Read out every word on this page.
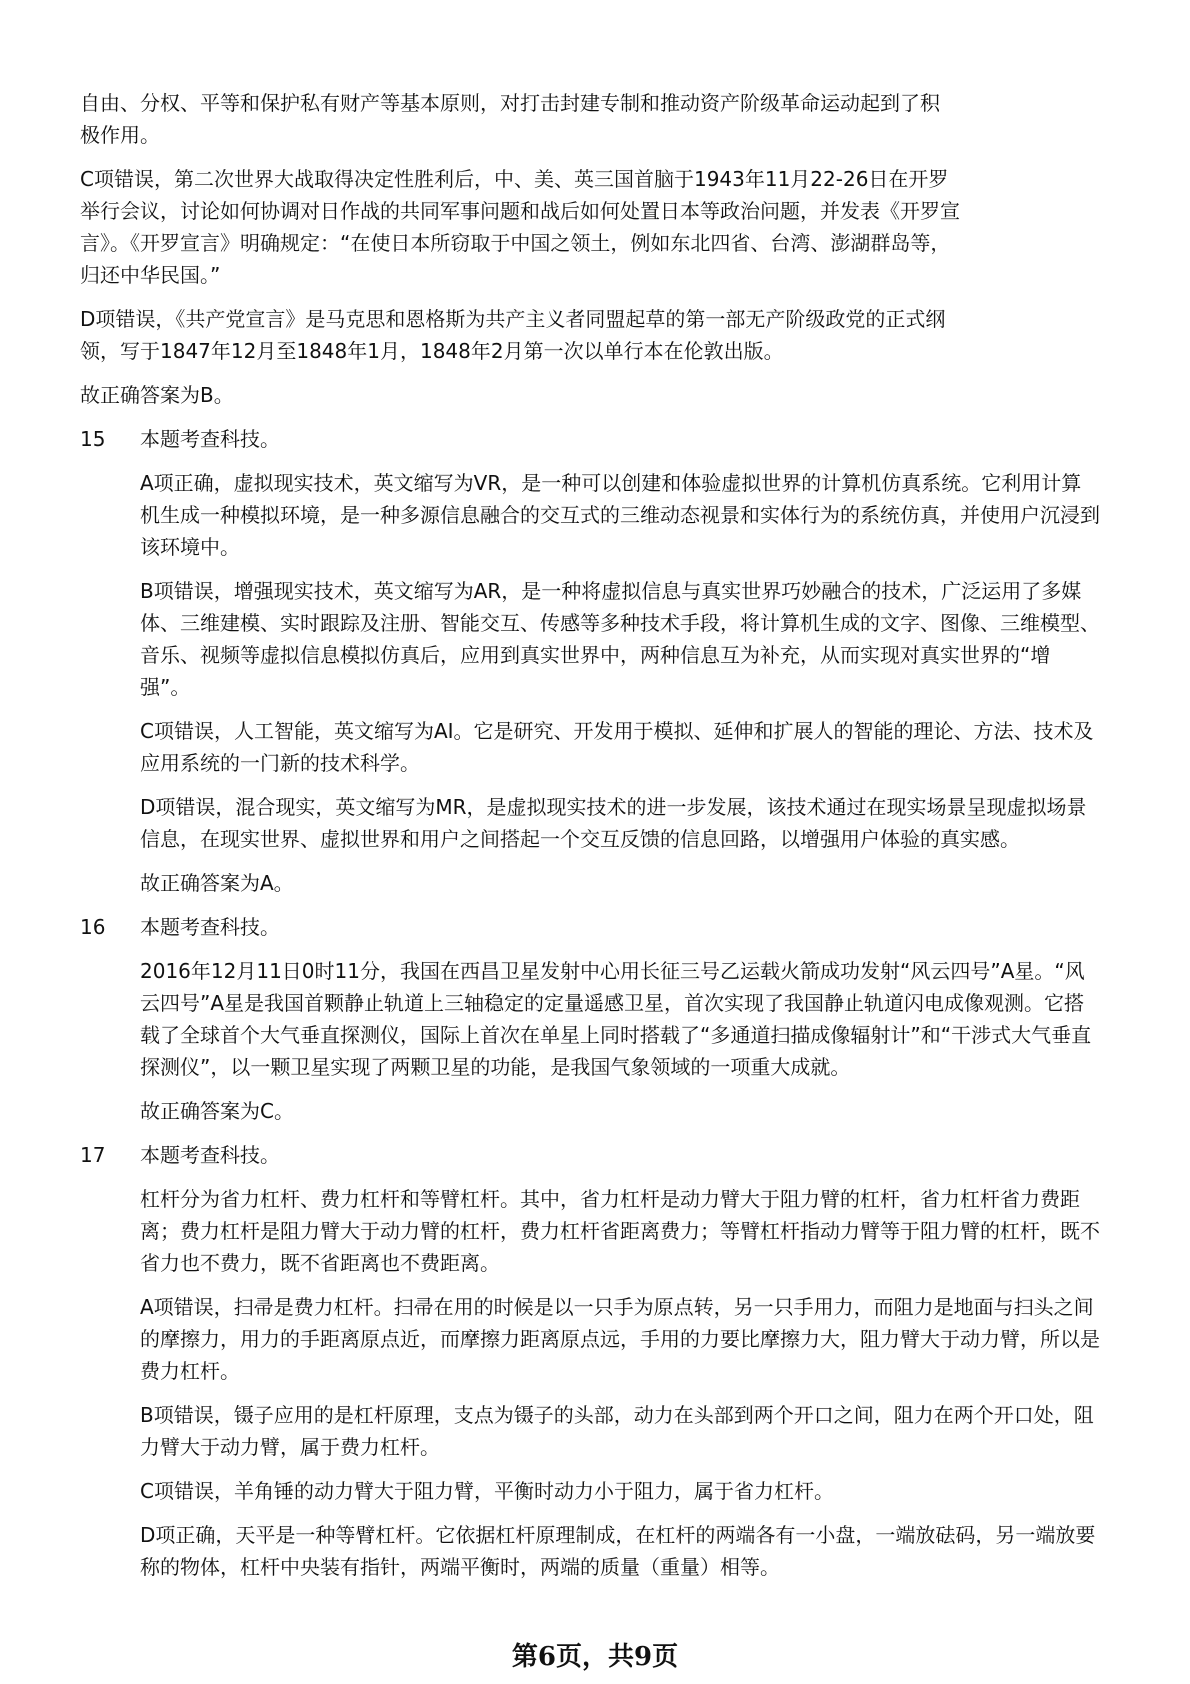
自由、分权、平等和保护私有财产等基本原则，对打击封建专制和推动资产阶级革命运动起到了积极作用。

C项错误，第二次世界大战取得决定性胜利后，中、美、英三国首脑于1943年11月22-26日在开罗举行会议，讨论如何协调对日作战的共同军事问题和战后如何处置日本等政治问题，并发表《开罗宣言》。《开罗宣言》明确规定：“在使日本所窃取于中国之领土，例如东北四省、台湾、澎湖群岛等，归还中华民国。”

D项错误，《共产党宣言》是马克思和恩格斯为共产主义者同盟起草的第一部无产阶级政党的正式纲领，写于1847年12月至1848年1月，1848年2月第一次以单行本在伦敦出版。

故正确答案为B。

15	本题考查科技。

A项正确，虚拟现实技术，英文缩写为VR，是一种可以创建和体验虚拟世界的计算机仿真系统。它利用计算机生成一种模拟环境，是一种多源信息融合的交互式的三维动态视景和实体行为的系统仿真，并使用户沉浸到该环境中。

B项错误，增强现实技术，英文缩写为AR，是一种将虚拟信息与真实世界巧妙融合的技术，广泛运用了多媒体、三维建模、实时跟踪及注册、智能交互、传感等多种技术手段，将计算机生成的文字、图像、三维模型、音乐、视频等虚拟信息模拟仿真后，应用到真实世界中，两种信息互为补充，从而实现对真实世界的“增强”。

C项错误，人工智能，英文缩写为AI。它是研究、开发用于模拟、延伸和扩展人的智能的理论、方法、技术及应用系统的一门新的技术科学。

D项错误，混合现实，英文缩写为MR，是虚拟现实技术的进一步发展，该技术通过在现实场景呈现虚拟场景信息，在现实世界、虚拟世界和用户之间搭起一个交互反馈的信息回路，以增强用户体验的真实感。

故正确答案为A。

16	本题考查科技。

2016年12月11日0时11分，我国在西昌卫星发射中心用长征三号乙运载火箭成功发射“风云四号”A星。“风云四号”A星是我国首颗静止轨道上三轴稳定的定量遥感卫星，首次实现了我国静止轨道闪电成像观测。它搭载了全球首个大气垂直探测仪，国际上首次在单星上同时搭载了“多通道扫描成像辐射计”和“干涉式大气垂直探测仪”，以一颗卫星实现了两颗卫星的功能，是我国气象领域的一项重大成就。

故正确答案为C。

17	本题考查科技。

杠杆分为省力杠杆、费力杠杆和等臂杠杆。其中，省力杠杆是动力臂大于阻力臂的杠杆，省力杠杆省力费距离；费力杠杆是阻力臂大于动力臂的杠杆，费力杠杆省距离费力；等臂杠杆指动力臂等于阻力臂的杠杆，既不省力也不费力，既不省距离也不费距离。

A项错误，扫帚是费力杠杆。扫帚在用的时候是以一只手为原点转，另一只手用力，而阻力是地面与扫头之间的摩擦力，用力的手距离原点近，而摩擦力距离原点远，手用的力要比摩擦力大，阻力臂大于动力臂，所以是费力杠杆。

B项错误，镊子应用的是杠杆原理，支点为镊子的头部，动力在头部到两个开口之间，阻力在两个开口处，阻力臂大于动力臂，属于费力杠杆。

C项错误，羊角锤的动力臂大于阻力臂，平衡时动力小于阻力，属于省力杠杆。

D项正确，天平是一种等臂杠杆。它依据杠杆原理制成，在杠杆的两端各有一小盘，一端放砝码，另一端放要称的物体，杠杆中央装有指针，两端平衡时，两端的质量（重量）相等。

第6页，共9页
